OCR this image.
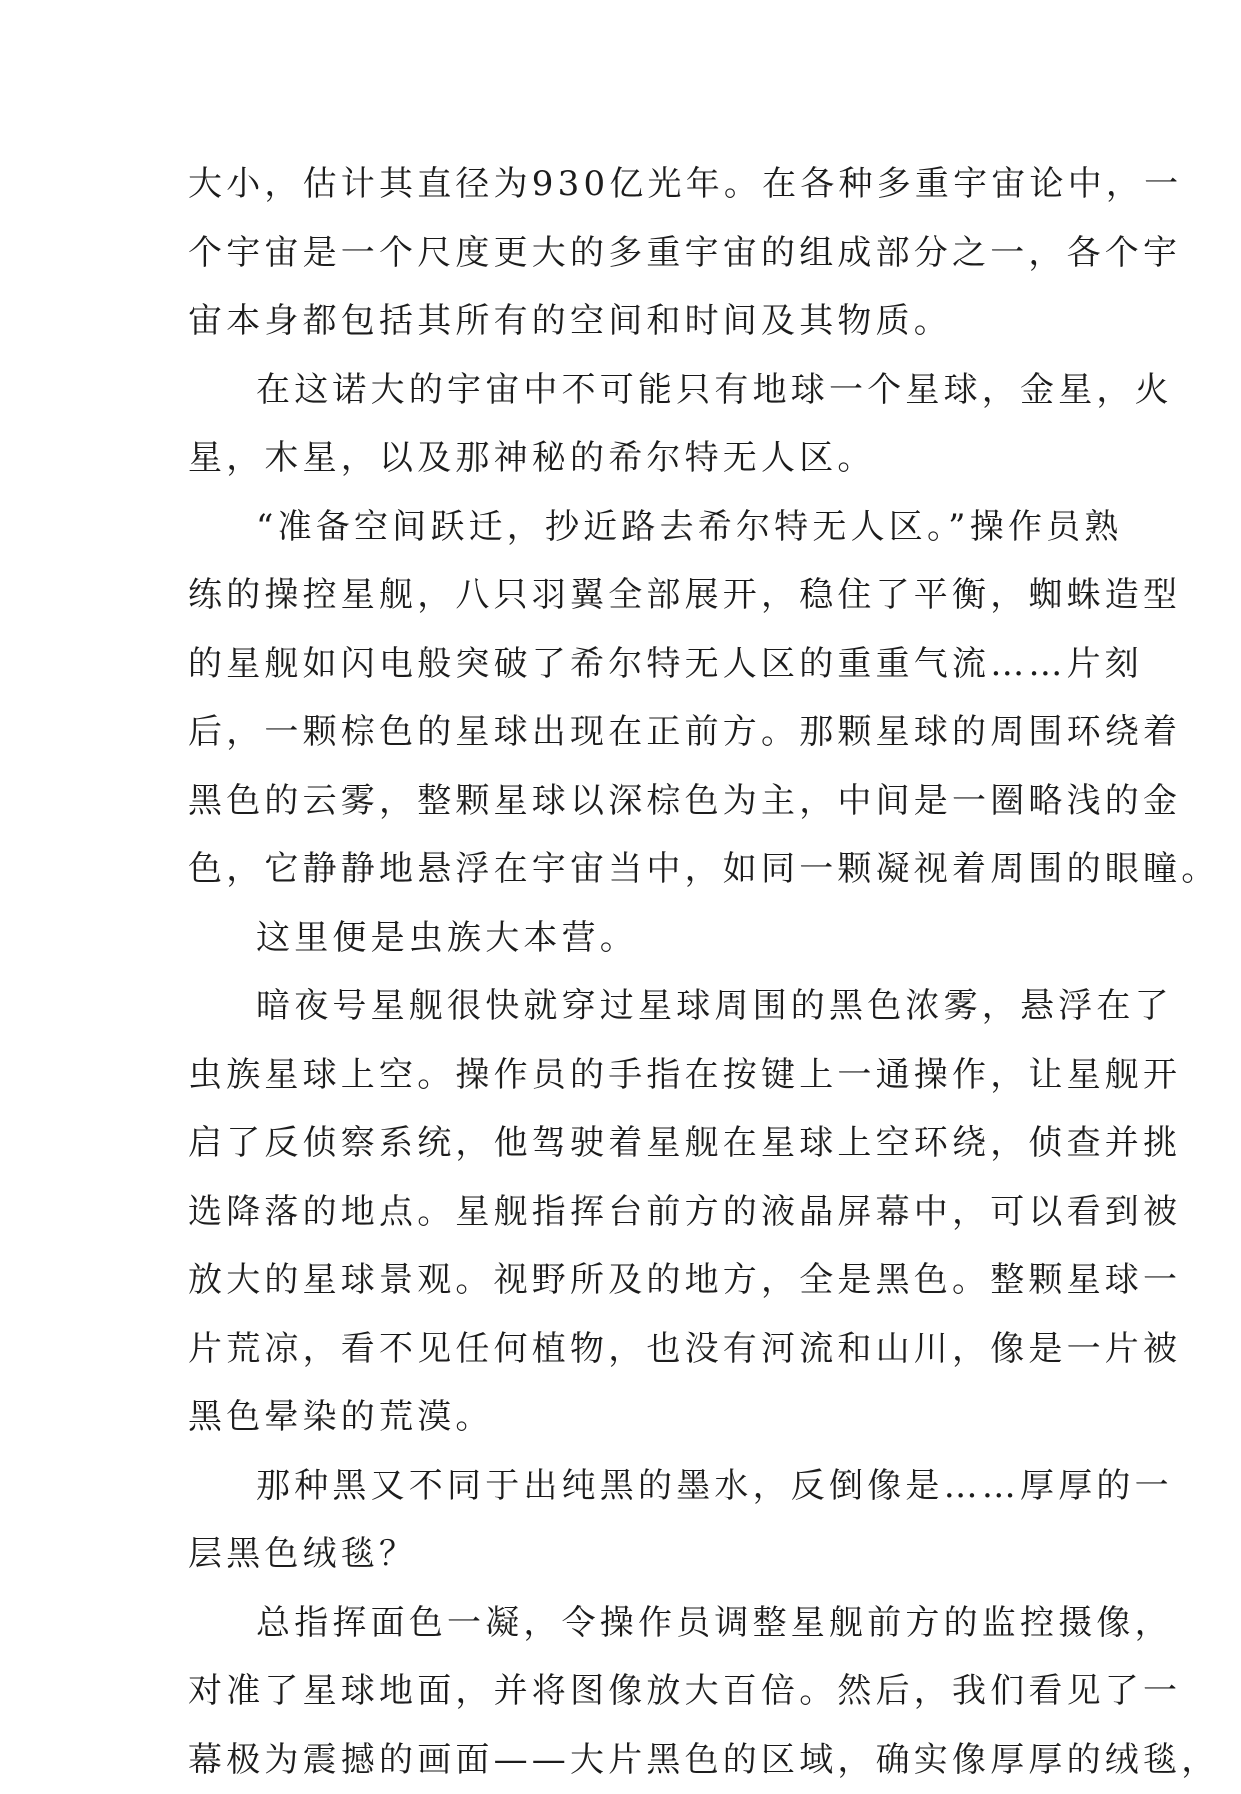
大小，估计其直径为930亿光年。在各种多重宇宙论中，一
个宇宙是一个尺度更大的多重宇宙的组成部分之一，各个宇
宙本身都包括其所有的空间和时间及其物质。
在这诺大的宇宙中不可能只有地球一个星球，金星，火
星，木星，以及那神秘的希尔特无人区。
“准备空间跃迁，抄近路去希尔特无人区。”操作员熟
练的操控星舰，八只羽翼全部展开，稳住了平衡，蜘蛛造型
的星舰如闪电般突破了希尔特无人区的重重气流……片刻
后，一颗棕色的星球出现在正前方。那颗星球的周围环绕着
黑色的云雾，整颗星球以深棕色为主，中间是一圈略浅的金
色，它静静地悬浮在宇宙当中，如同一颗凝视着周围的眼瞳。
这里便是虫族大本营。
暗夜号星舰很快就穿过星球周围的黑色浓雾，悬浮在了
虫族星球上空。操作员的手指在按键上一通操作，让星舰开
启了反侦察系统，他驾驶着星舰在星球上空环绕，侦查并挑
选降落的地点。星舰指挥台前方的液晶屏幕中，可以看到被
放大的星球景观。视野所及的地方，全是黑色。整颗星球一
片荒凉，看不见任何植物，也没有河流和山川，像是一片被
黑色晕染的荒漠。
那种黑又不同于出纯黑的墨水，反倒像是……厚厚的一
层黑色绒毯？
总指挥面色一凝，令操作员调整星舰前方的监控摄像，
对准了星球地面，并将图像放大百倍。然后，我们看见了一
幕极为震撼的画面——大片黑色的区域，确实像厚厚的绒毯，
